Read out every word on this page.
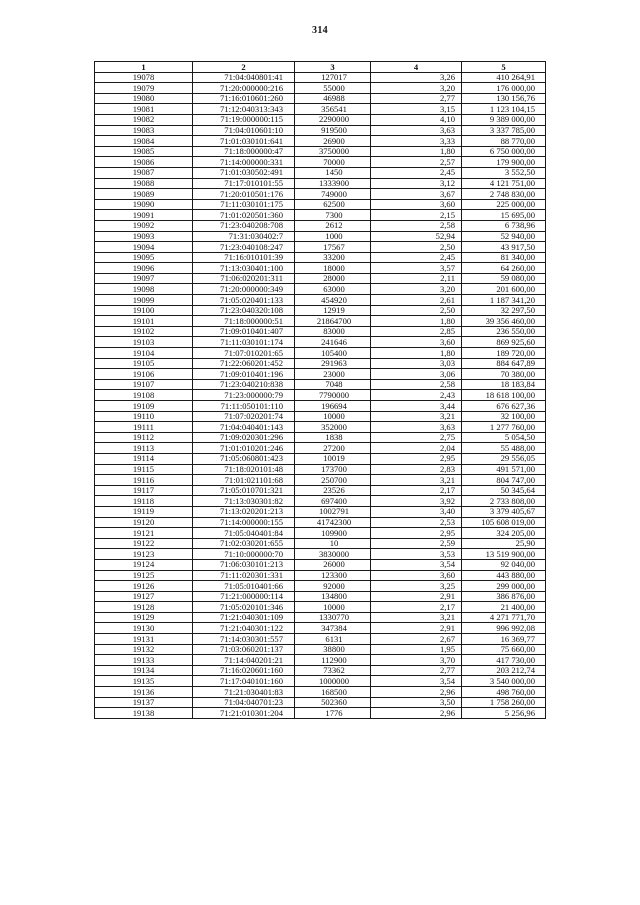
314
1	2	3	4	5
19078	71:04:040801:41	127017	3,26	410 264,91
19079	71:20:000000:216	55000	3,20	176 000,00
19080	71:16:010601:260	46988	2,77	130 156,76
19081	71:12:040313:343	356541	3,15	1 123 104,15
19082	71:19:000000:115	2290000	4,10	9 389 000,00
19083	71:04:010601:10	919500	3,63	3 337 785,00
19084	71:01:030101:641	26900	3,33	88 770,00
19085	71:18:000000:47	3750000	1,80	6 750 000,00
19086	71:14:000000:331	70000	2,57	179 900,00
19087	71:01:030502:491	1450	2,45	3 552,50
19088	71:17:010101:55	1333900	3,12	4 121 751,00
19089	71:20:010501:176	749000	3,67	2 748 830,00
19090	71:11:030101:175	62500	3,60	225 000,00
19091	71:01:020501:360	7300	2,15	15 695,00
19092	71:23:040208:708	2612	2,58	6 738,96
19093	71:31:030402:7	1000	52,94	52 940,00
19094	71:23:040108:247	17567	2,50	43 917,50
19095	71:16:010101:39	33200	2,45	81 340,00
19096	71:13:030401:100	18000	3,57	64 260,00
19097	71:06:020201:311	28000	2,11	59 080,00
19098	71:20:000000:349	63000	3,20	201 600,00
19099	71:05:020401:133	454920	2,61	1 187 341,20
19100	71:23:040320:108	12919	2,50	32 297,50
19101	71:18:000000:51	21864700	1,80	39 356 460,00
19102	71:09:010401:407	83000	2,85	236 550,00
19103	71:11:030101:174	241646	3,60	869 925,60
19104	71:07:010201:65	105400	1,80	189 720,00
19105	71:22:060201:452	291963	3,03	884 647,89
19106	71:09:010401:196	23000	3,06	70 380,00
19107	71:23:040210:838	7048	2,58	18 183,84
19108	71:23:000000:79	7790000	2,43	18 618 100,00
19109	71:11:050101:110	196694	3,44	676 627,36
19110	71:07:020201:74	10000	3,21	32 100,00
19111	71:04:040401:143	352000	3,63	1 277 760,00
19112	71:09:020301:296	1838	2,75	5 054,50
19113	71:01:010201:246	27200	2,04	55 488,00
19114	71:05:060801:423	10019	2,95	29 556,05
19115	71:18:020101:48	173700	2,83	491 571,00
19116	71:01:021101:68	250700	3,21	804 747,00
19117	71:05:010701:321	23526	2,17	50 345,64
19118	71:13:030301:82	697400	3,92	2 733 808,00
19119	71:13:020201:213	1002791	3,40	3 379 405,67
19120	71:14:000000:155	41742300	2,53	105 608 019,00
19121	71:05:040401:84	109900	2,95	324 205,00
19122	71:02:030201:655	10	2,59	25,90
19123	71:10:000000:70	3830000	3,53	13 519 900,00
19124	71:06:030101:213	26000	3,54	92 040,00
19125	71:11:020301:331	123300	3,60	443 880,00
19126	71:05:010401:66	92000	3,25	299 000,00
19127	71:21:000000:114	134800	2,91	386 876,00
19128	71:05:020101:346	10000	2,17	21 400,00
19129	71:21:040301:109	1330770	3,21	4 271 771,70
19130	71:21:040301:122	347384	2,91	996 992,08
19131	71:14:030301:557	6131	2,67	16 369,77
19132	71:03:060201:137	38800	1,95	75 660,00
19133	71:14:040201:21	112900	3,70	417 730,00
19134	71:16:020601:160	73362	2,77	203 212,74
19135	71:17:040101:160	1000000	3,54	3 540 000,00
19136	71:21:030401:83	168500	2,96	498 760,00
19137	71:04:040701:23	502360	3,50	1 758 260,00
19138	71:21:010301:204	1776	2,96	5 256,96
